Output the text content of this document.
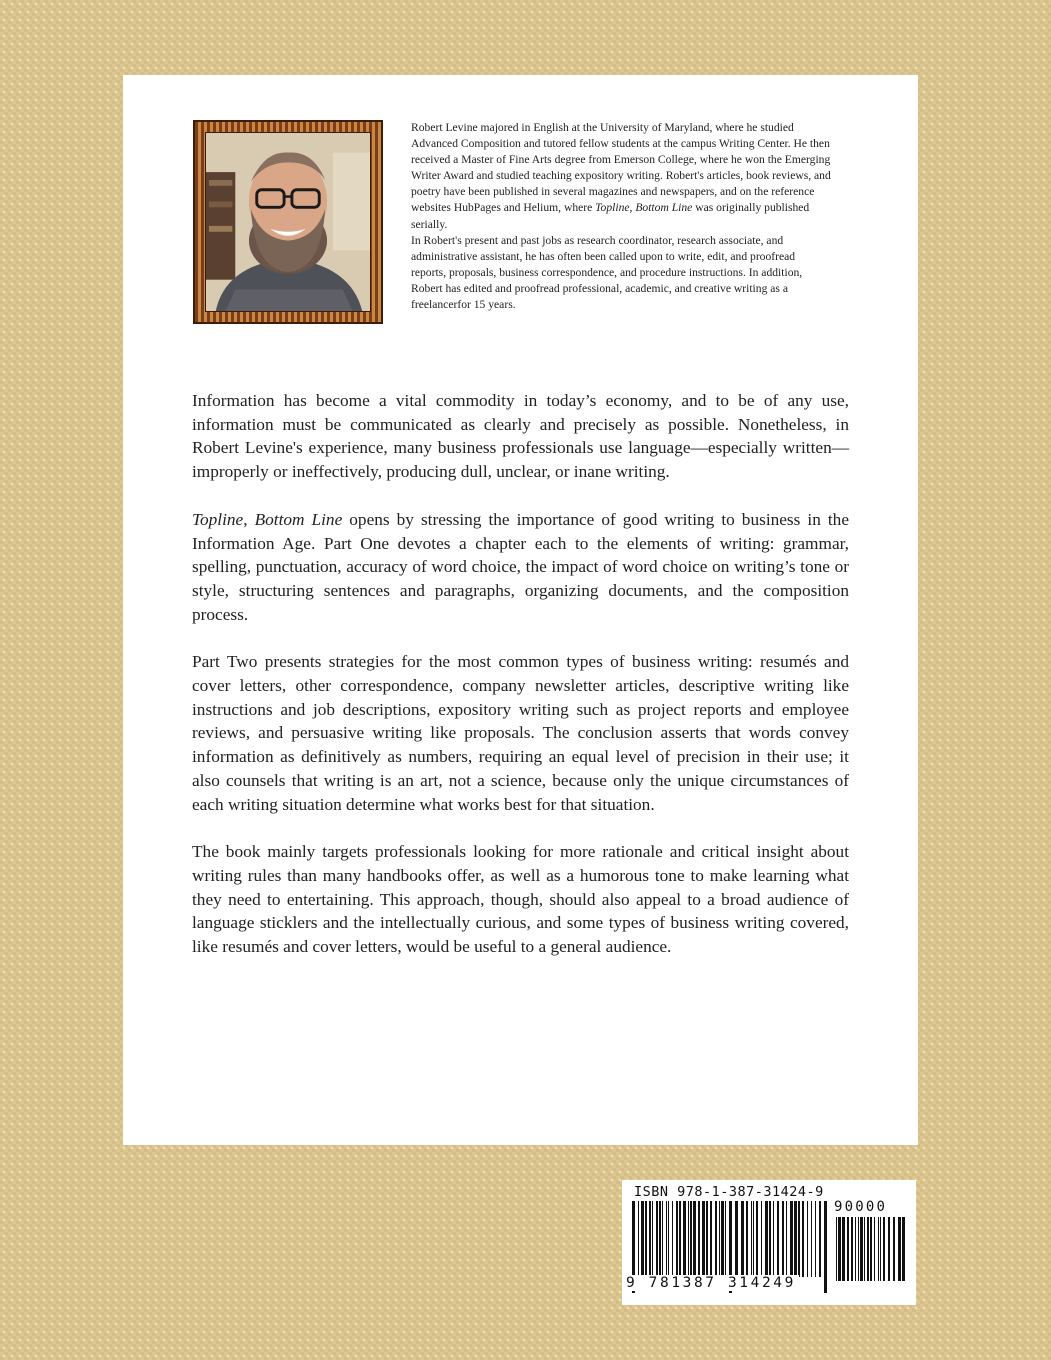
Robert Levine majored in English at the University of Maryland, where he studied Advanced Composition and tutored fellow students at the campus Writing Center. He then received a Master of Fine Arts degree from Emerson College, where he won the Emerging Writer Award and studied teaching expository writing. Robert's articles, book reviews, and poetry have been published in several magazines and newspapers, and on the reference websites HubPages and Helium, where Topline, Bottom Line was originally published serially.

In Robert's present and past jobs as research coordinator, research associate, and administrative assistant, he has often been called upon to write, edit, and proofread reports, proposals, business correspondence, and procedure instructions. In addition, Robert has edited and proofread professional, academic, and creative writing as a freelancerfor 15 years.

Information has become a vital commodity in today’s economy, and to be of any use, information must be communicated as clearly and precisely as possible. Nonetheless, in Robert Levine's experience, many business professionals use language—especially written—improperly or ineffectively, producing dull, unclear, or inane writing.

Topline, Bottom Line opens by stressing the importance of good writing to business in the Information Age. Part One devotes a chapter each to the elements of writing: grammar, spelling, punctuation, accuracy of word choice, the impact of word choice on writing’s tone or style, structuring sentences and paragraphs, organizing documents, and the composition process.

Part Two presents strategies for the most common types of business writing: resumés and cover letters, other correspondence, company newsletter articles, descriptive writing like instructions and job descriptions, expository writing such as project reports and employee reviews, and persuasive writing like proposals. The conclusion asserts that words convey information as definitively as numbers, requiring an equal level of precision in their use; it also counsels that writing is an art, not a science, because only the unique circumstances of each writing situation determine what works best for that situation.

The book mainly targets professionals looking for more rationale and critical insight about writing rules than many handbooks offer, as well as a humorous tone to make learning what they need to entertaining. This approach, though, should also appeal to a broad audience of language sticklers and the intellectually curious, and some types of business writing covered, like resumés and cover letters, would be useful to a general audience.

ISBN 978-1-387-31424-9
9 781387 314249
90000
